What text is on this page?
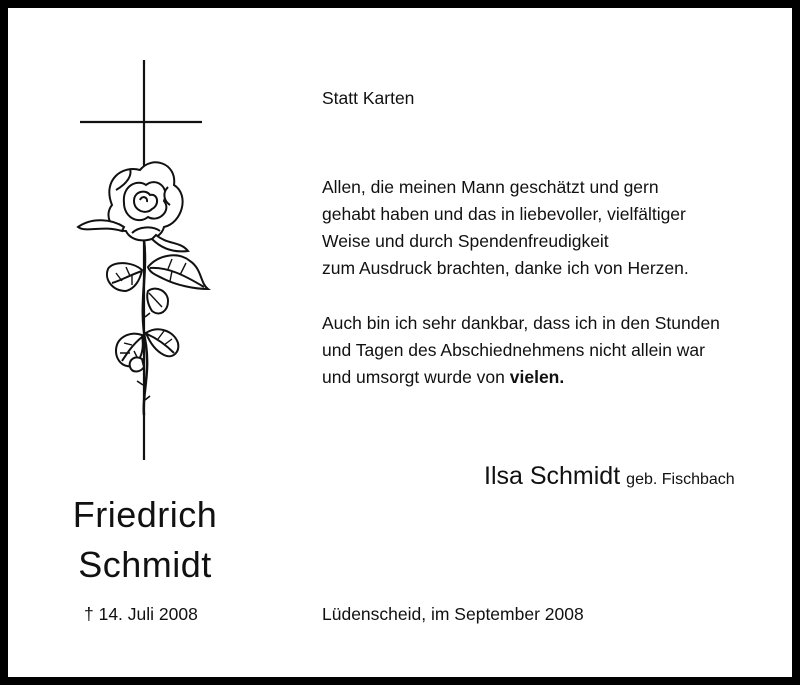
Statt Karten
Allen, die meinen Mann geschätzt und gern
gehabt haben und das in liebevoller, vielfältiger
Weise und durch Spendenfreudigkeit
zum Ausdruck brachten, danke ich von Herzen.
Auch bin ich sehr dankbar, dass ich in den Stunden
und Tagen des Abschiednehmens nicht allein war
und umsorgt wurde von vielen.
Ilsa Schmidt geb. Fischbach
Friedrich
Schmidt
† 14. Juli 2008	Lüdenscheid, im September 2008
